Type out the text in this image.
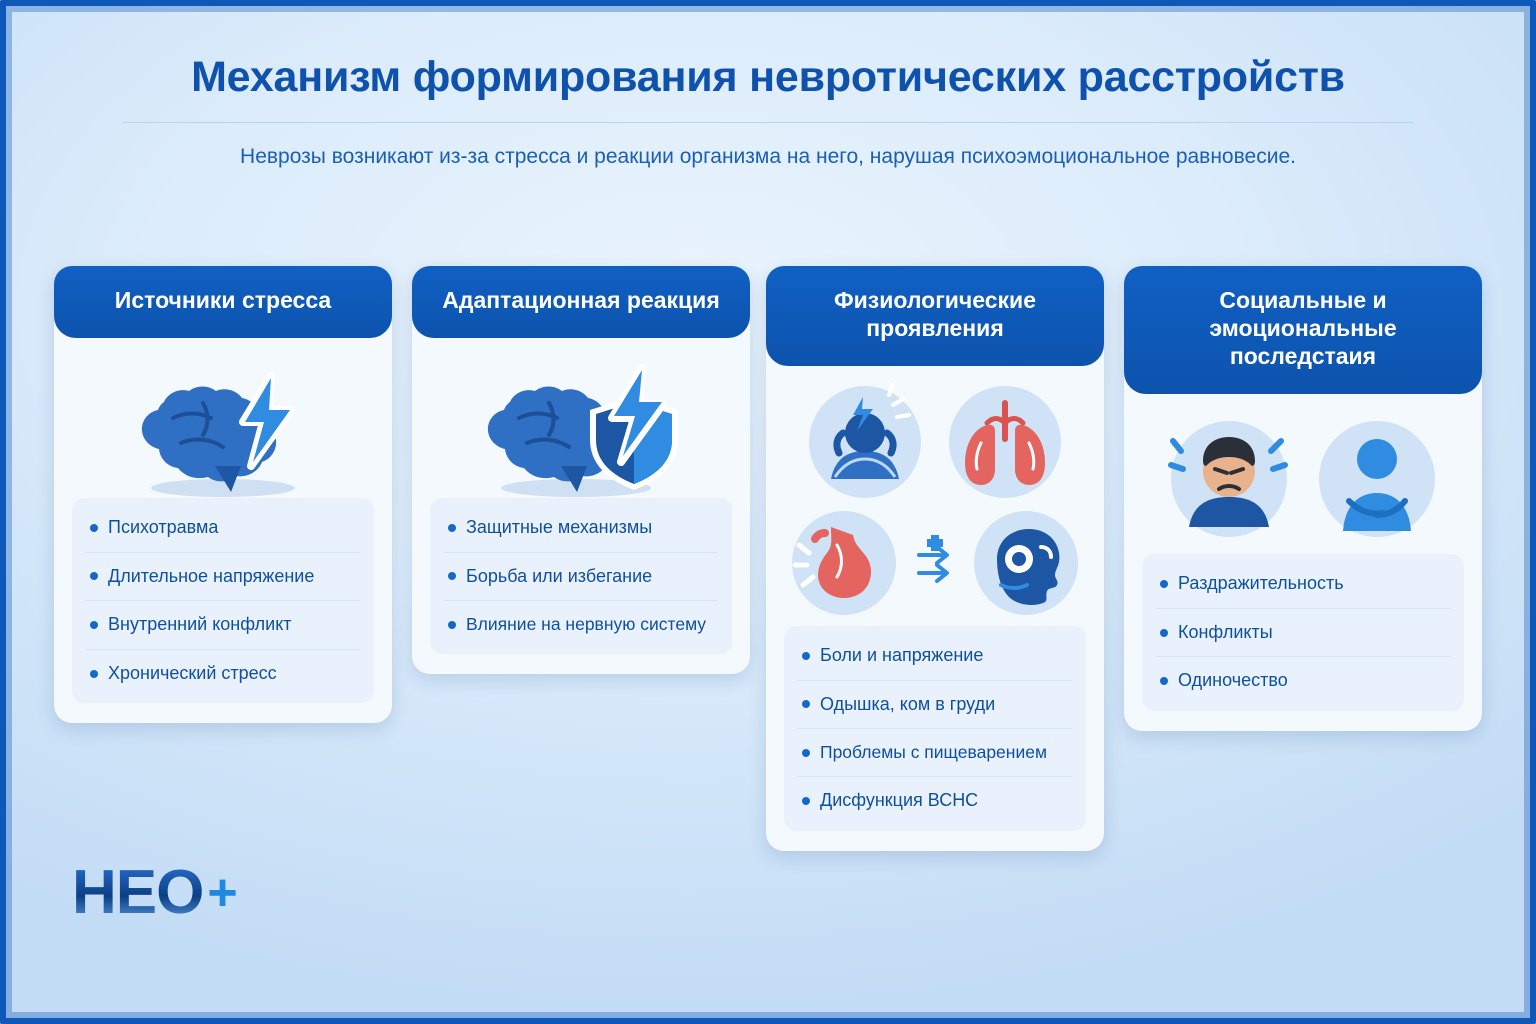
Механизм формирования невротических расстройств
Неврозы возникают из-за стресса и реакции организма на него, нарушая психоэмоциональное равновесие.
Источники стресса
Психотравма
Длительное напряжение
Внутренний конфликт
Хронический стресс
Адаптационная реакция
Защитные механизмы
Борьба или избегание
Влияние на нервную систему
Физиологические проявления
Боли и напряжение
Одышка, ком в груди
Проблемы с пищеварением
Дисфункция ВСНС
Социальные и эмоциональные последстаия
Раздражительность
Конфликты
Одиночество
HEO +
